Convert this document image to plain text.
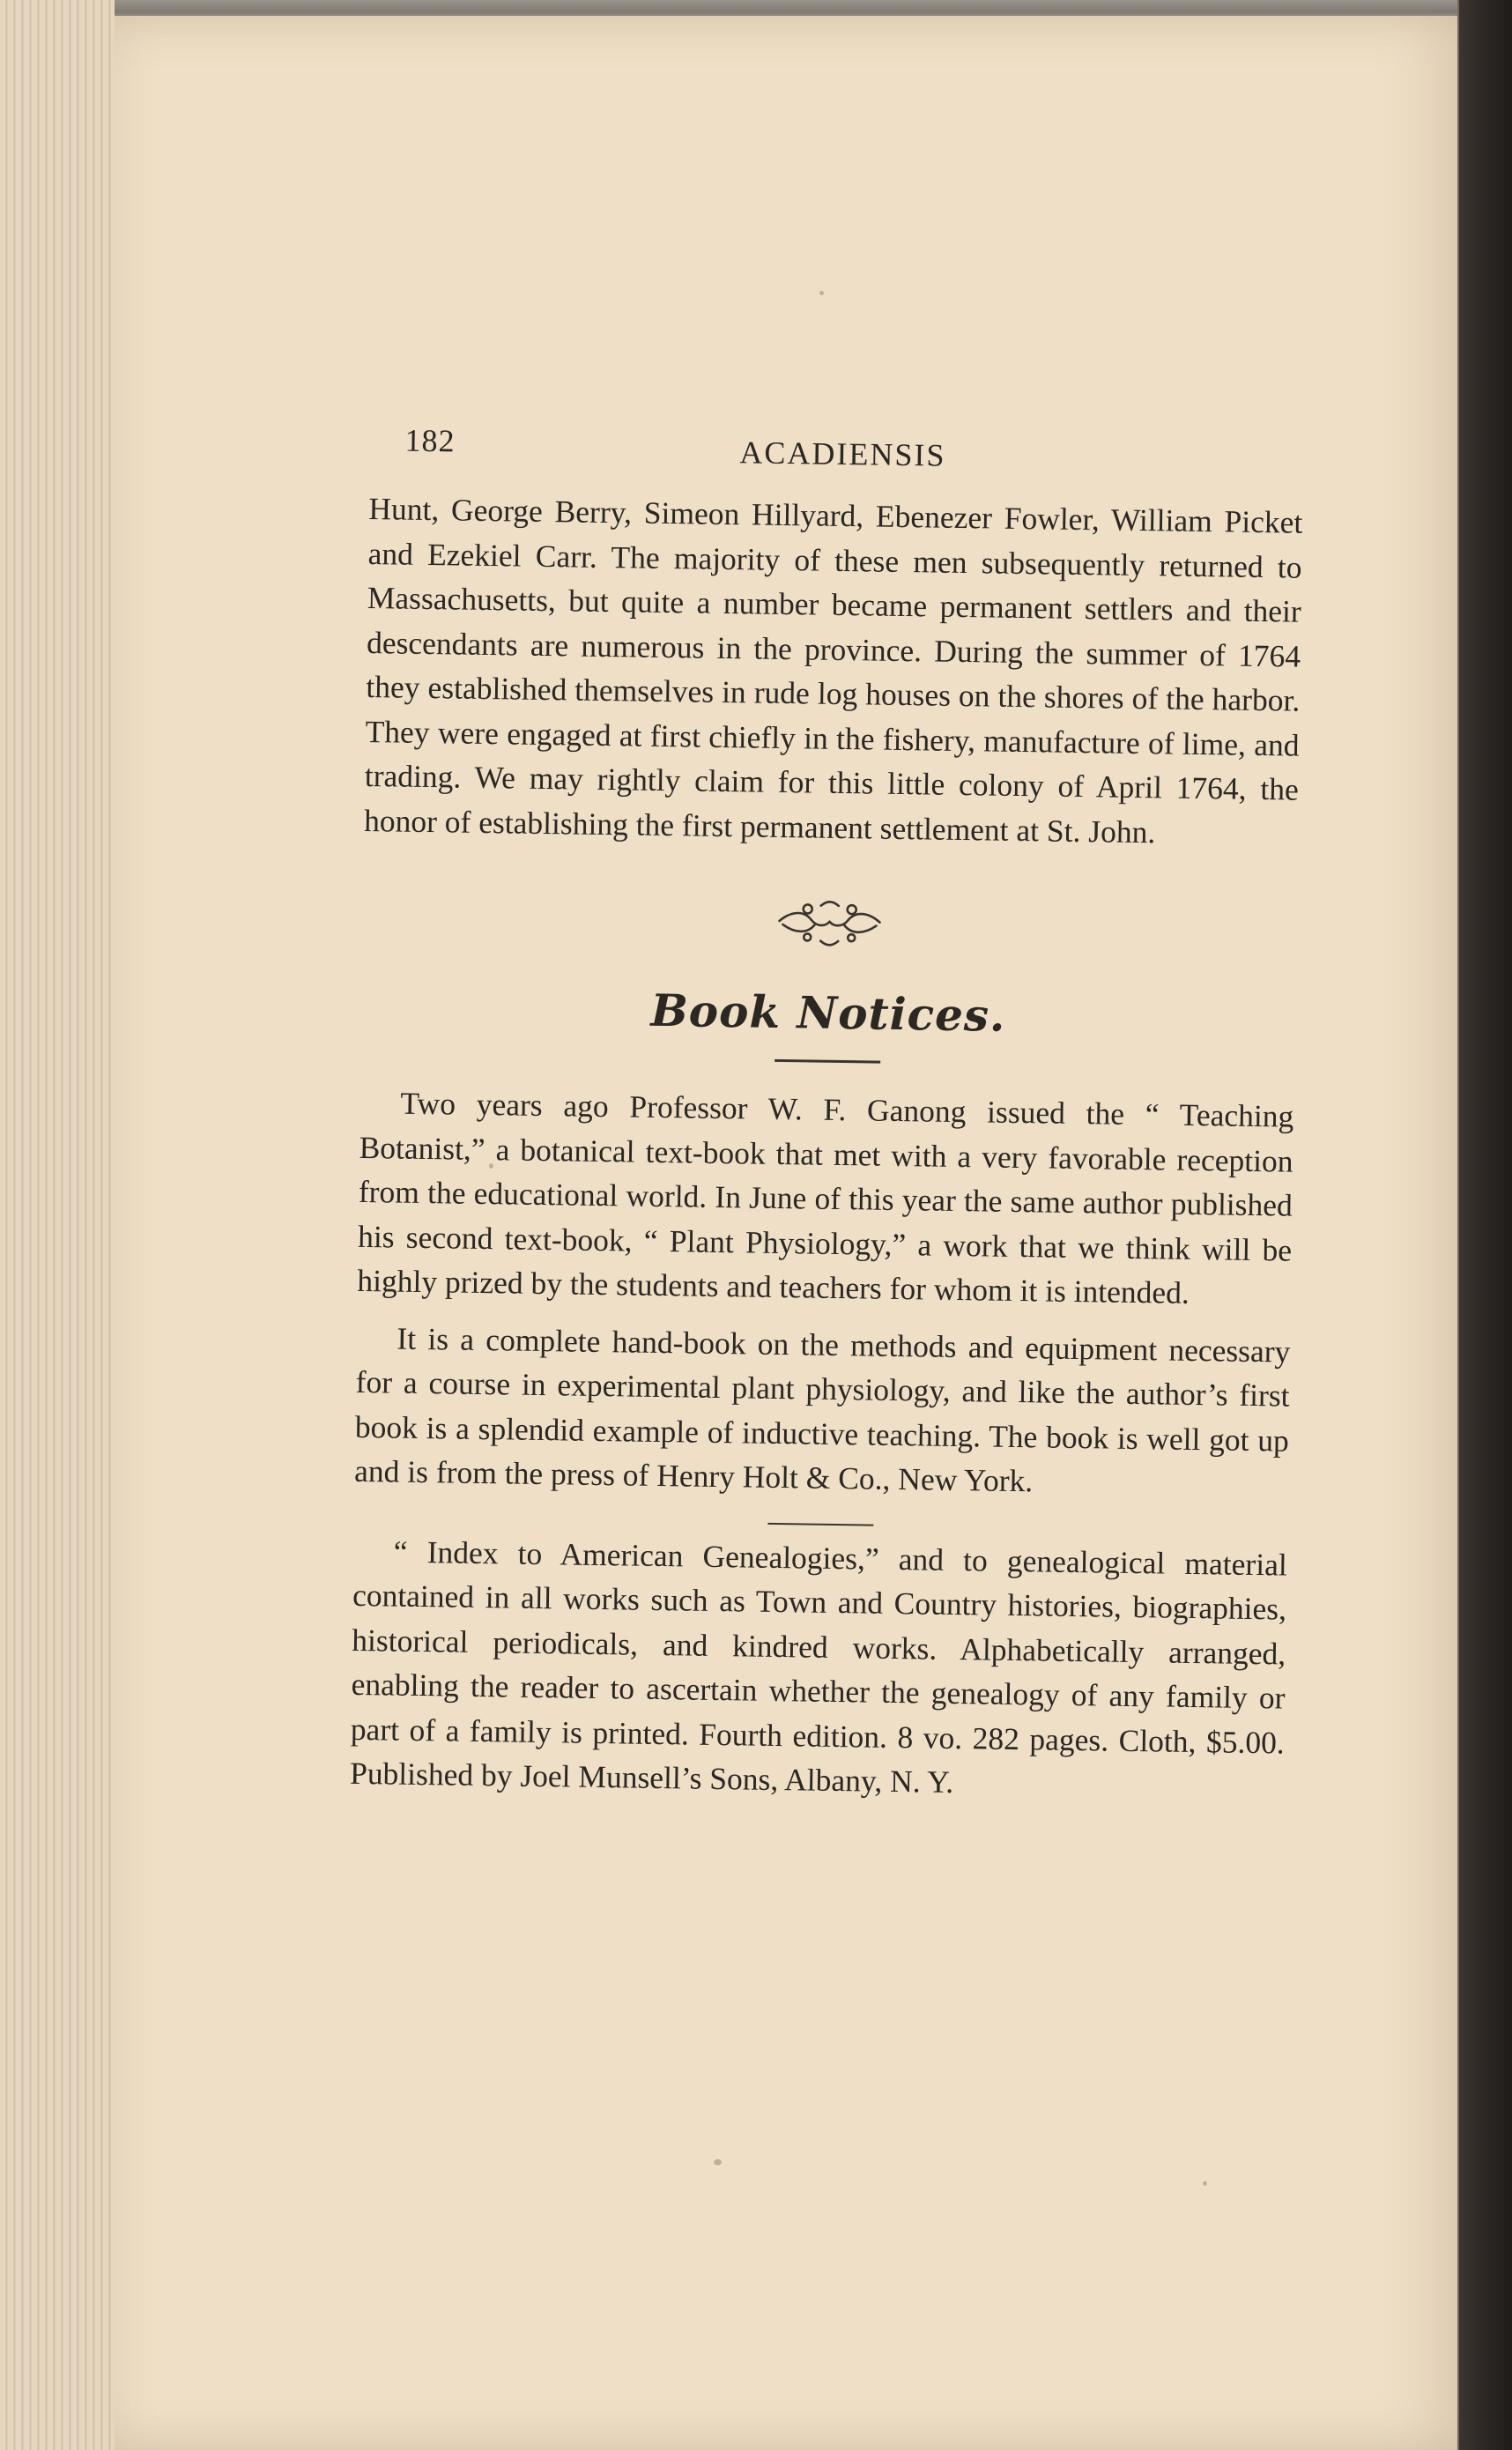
182	ACADIENSIS

Hunt, George Berry, Simeon Hillyard, Ebenezer Fowler, William Picket and Ezekiel Carr. The majority of these men subsequently returned to Massachusetts, but quite a number became permanent settlers and their descendants are numerous in the province. During the summer of 1764 they established themselves in rude log houses on the shores of the harbor. They were engaged at first chiefly in the fishery, manufacture of lime, and trading. We may rightly claim for this little colony of April 1764, the honor of establishing the first permanent settlement at St. John.

Book Notices.

Two years ago Professor W. F. Ganong issued the “ Teaching Botanist,” a botanical text-book that met with a very favorable reception from the educational world. In June of this year the same author published his second text-book, “ Plant Physiology,” a work that we think will be highly prized by the students and teachers for whom it is intended.

It is a complete hand-book on the methods and equipment necessary for a course in experimental plant physiology, and like the author’s first book is a splendid example of inductive teaching. The book is well got up and is from the press of Henry Holt & Co., New York.

“ Index to American Genealogies,” and to genealogical material contained in all works such as Town and Country histories, biographies, historical periodicals, and kindred works. Alphabetically arranged, enabling the reader to ascertain whether the genealogy of any family or part of a family is printed. Fourth edition. 8 vo. 282 pages. Cloth, $5.00. Published by Joel Munsell’s Sons, Albany, N. Y.
